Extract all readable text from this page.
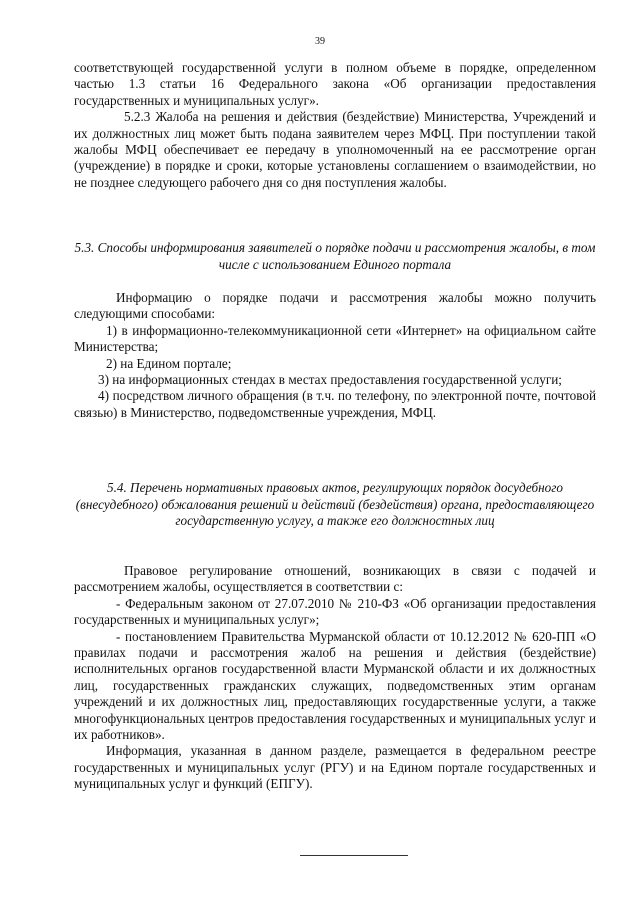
39

соответствующей государственной услуги в полном объеме в порядке, определенном частью 1.3 статьи 16 Федерального закона «Об организации предоставления государственных и муниципальных услуг».

5.2.3 Жалоба на решения и действия (бездействие) Министерства, Учреждений и их должностных лиц может быть подана заявителем через МФЦ. При поступлении такой жалобы МФЦ обеспечивает ее передачу в уполномоченный на ее рассмотрение орган (учреждение) в порядке и сроки, которые установлены соглашением о взаимодействии, но не позднее следующего рабочего дня со дня поступления жалобы.

5.3. Способы информирования заявителей о порядке подачи и рассмотрения жалобы, в том числе с использованием Единого портала

Информацию о порядке подачи и рассмотрения жалобы можно получить следующими способами:

1) в информационно-телекоммуникационной сети «Интернет» на официальном сайте Министерства;

2) на Едином портале;

3) на информационных стендах в местах предоставления государственной услуги;

4) посредством личного обращения (в т.ч. по телефону, по электронной почте, почтовой связью) в Министерство, подведомственные учреждения, МФЦ.

5.4. Перечень нормативных правовых актов, регулирующих порядок досудебного (внесудебного) обжалования решений и действий (бездействия) органа, предоставляющего государственную услугу, а также его должностных лиц

Правовое регулирование отношений, возникающих в связи с подачей и рассмотрением жалобы, осуществляется в соответствии с:

- Федеральным законом от 27.07.2010 № 210-ФЗ «Об организации предоставления государственных и муниципальных услуг»;

- постановлением Правительства Мурманской области от 10.12.2012 № 620-ПП «О правилах подачи и рассмотрения жалоб на решения и действия (бездействие) исполнительных органов государственной власти Мурманской области и их должностных лиц, государственных гражданских служащих, подведомственных этим органам учреждений и их должностных лиц, предоставляющих государственные услуги, а также многофункциональных центров предоставления государственных и муниципальных услуг и их работников».

Информация, указанная в данном разделе, размещается в федеральном реестре государственных и муниципальных услуг (РГУ) и на Едином портале государственных и муниципальных услуг и функций (ЕПГУ).
